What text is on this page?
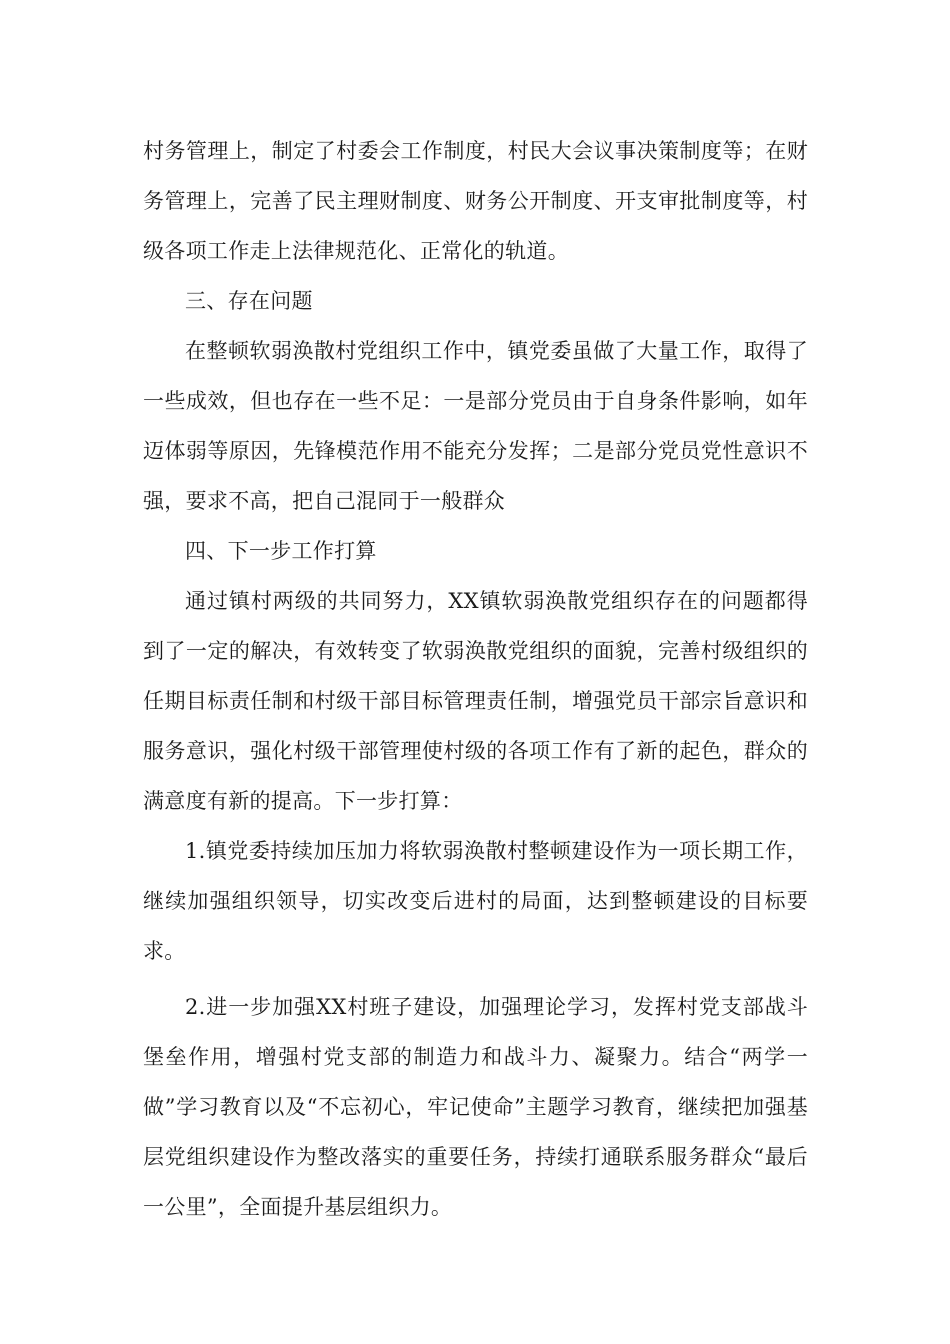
村务管理上，制定了村委会工作制度，村民大会议事决策制度等；在财务管理上，完善了民主理财制度、财务公开制度、开支审批制度等，村级各项工作走上法律规范化、正常化的轨道。

三、存在问题

在整顿软弱涣散村党组织工作中，镇党委虽做了大量工作，取得了一些成效，但也存在一些不足：一是部分党员由于自身条件影响，如年迈体弱等原因，先锋模范作用不能充分发挥；二是部分党员党性意识不强，要求不高，把自己混同于一般群众

四、下一步工作打算

通过镇村两级的共同努力，XX镇软弱涣散党组织存在的问题都得到了一定的解决，有效转变了软弱涣散党组织的面貌，完善村级组织的任期目标责任制和村级干部目标管理责任制，增强党员干部宗旨意识和服务意识，强化村级干部管理使村级的各项工作有了新的起色，群众的满意度有新的提高。下一步打算：

1.镇党委持续加压加力将软弱涣散村整顿建设作为一项长期工作，继续加强组织领导，切实改变后进村的局面，达到整顿建设的目标要求。

2.进一步加强XX村班子建设，加强理论学习，发挥村党支部战斗堡垒作用，增强村党支部的制造力和战斗力、凝聚力。结合“两学一做”学习教育以及“不忘初心，牢记使命”主题学习教育，继续把加强基层党组织建设作为整改落实的重要任务，持续打通联系服务群众“最后一公里”，全面提升基层组织力。
